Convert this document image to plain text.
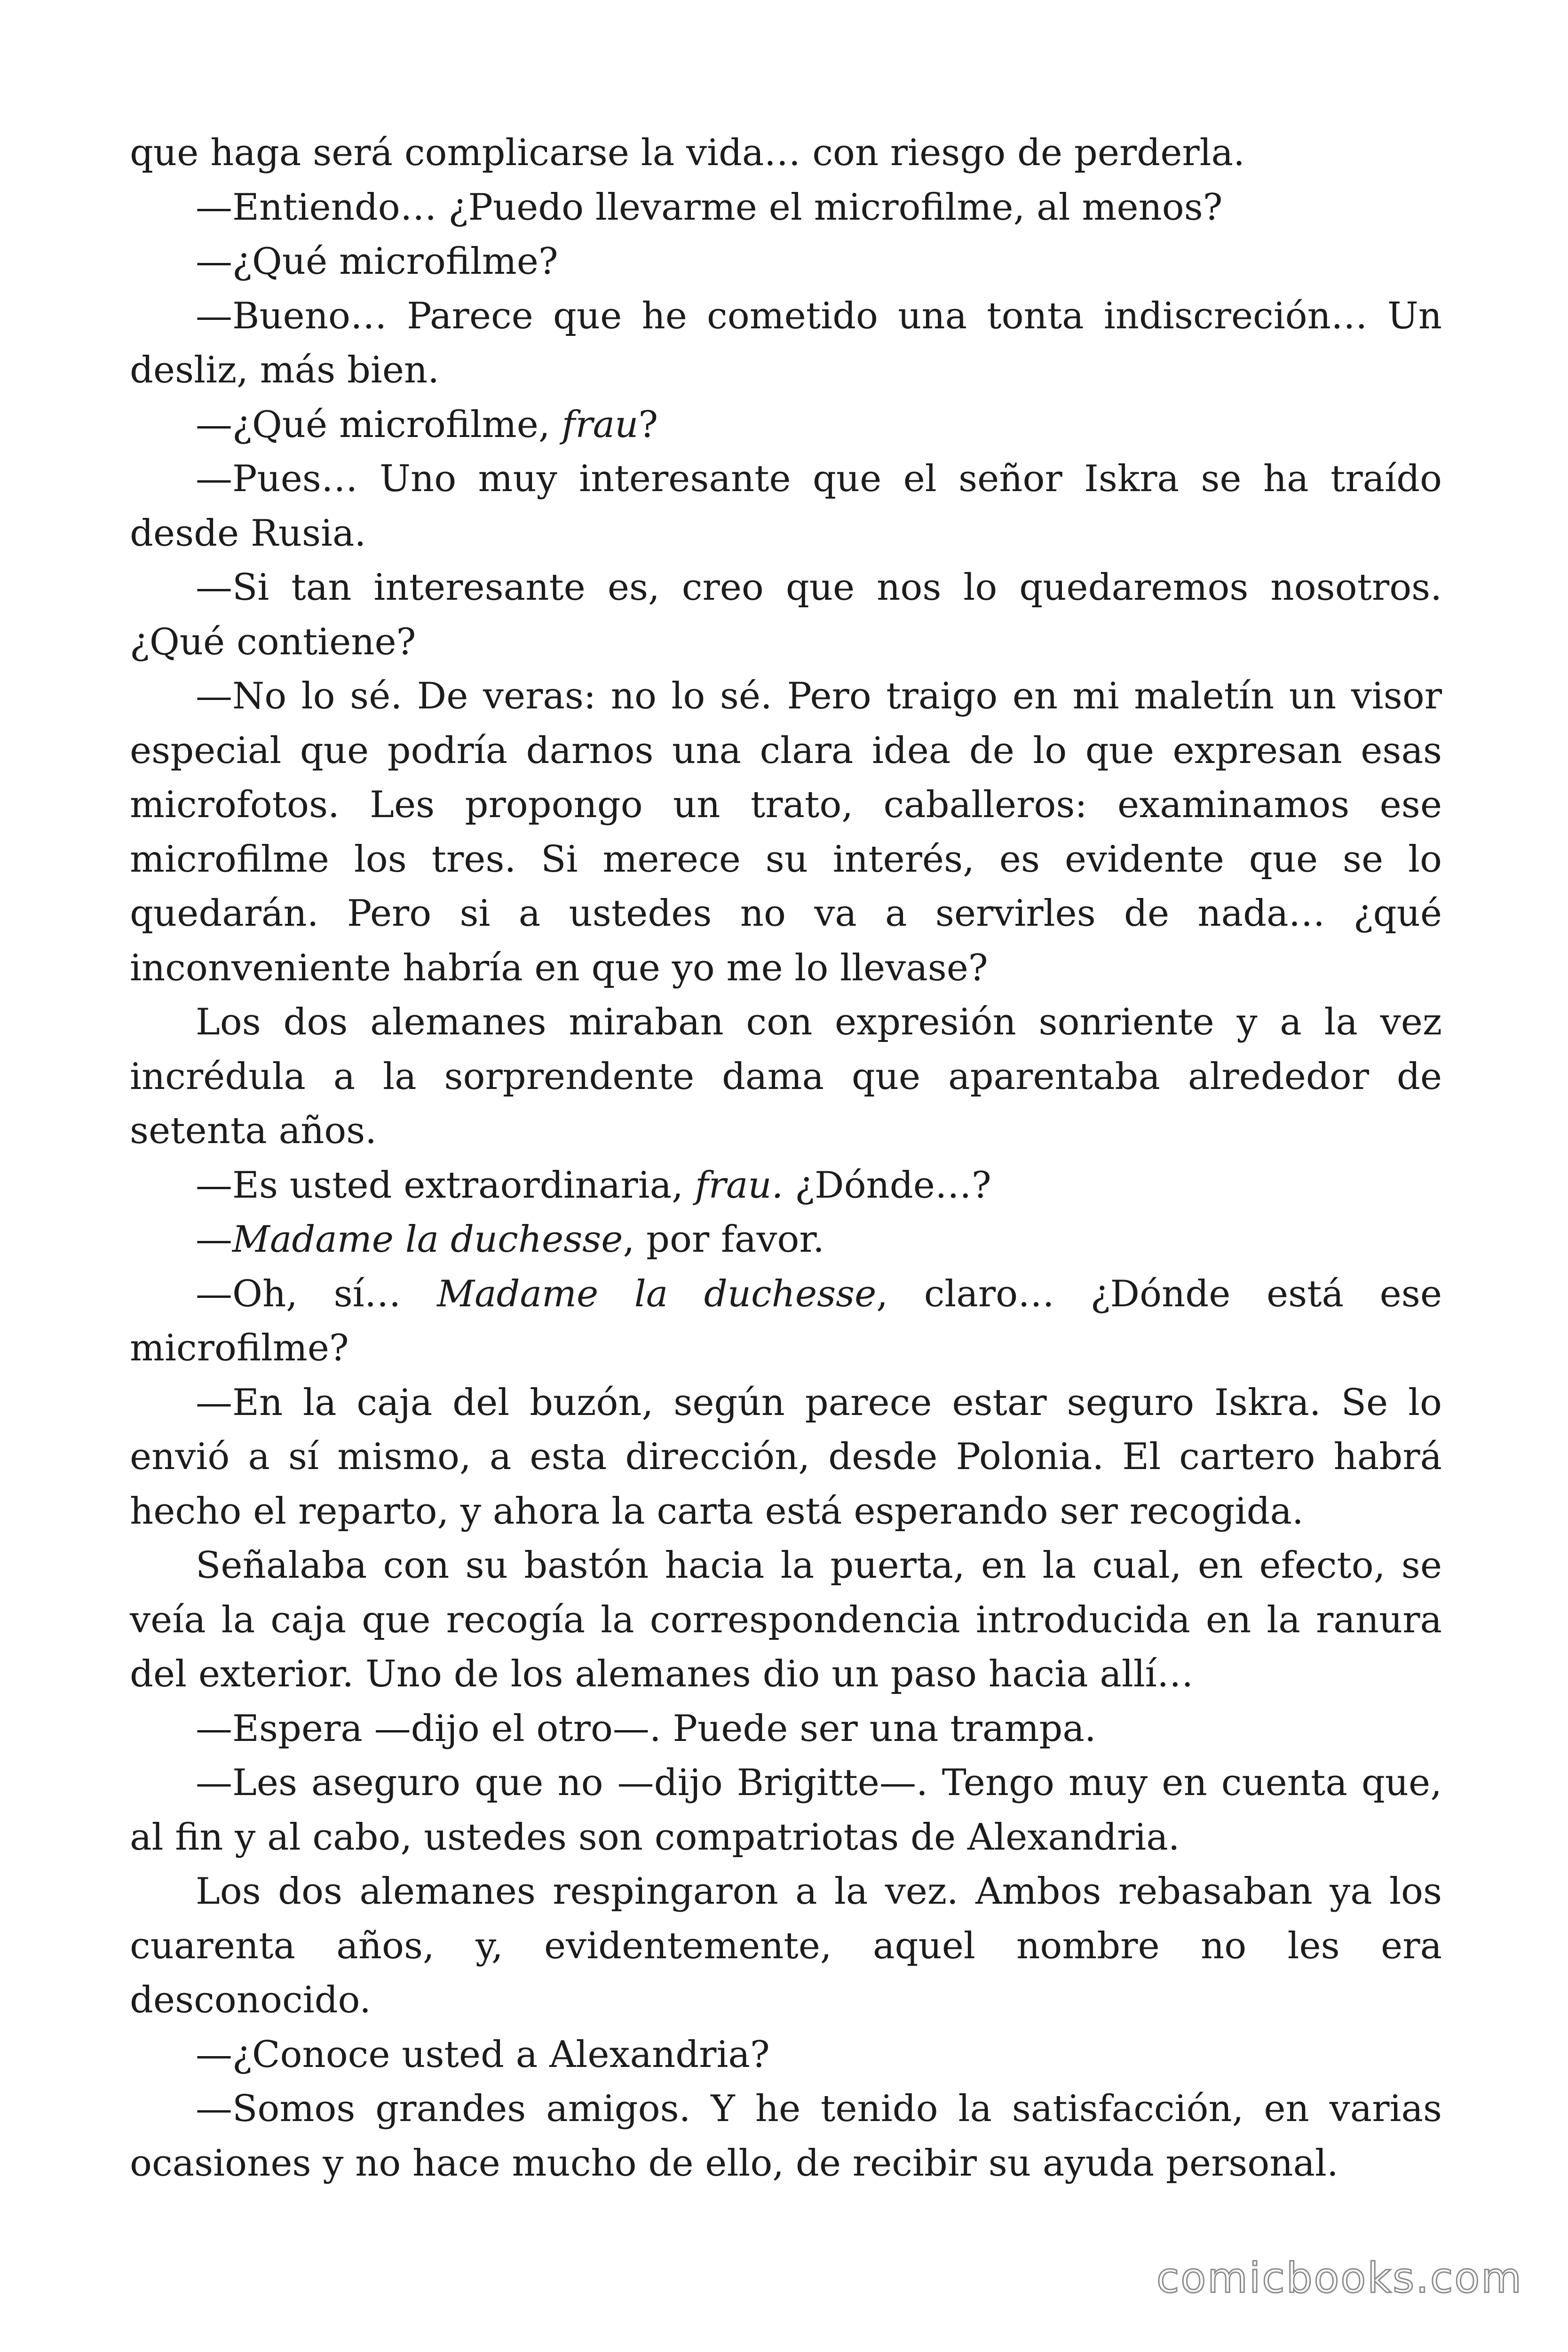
que haga será complicarse la vida… con riesgo de perderla.

—Entiendo… ¿Puedo llevarme el microfilme, al menos?

—¿Qué microfilme?

—Bueno… Parece que he cometido una tonta indiscreción… Un desliz, más bien.

—¿Qué microfilme, frau?

—Pues… Uno muy interesante que el señor Iskra se ha traído desde Rusia.

—Si tan interesante es, creo que nos lo quedaremos nosotros. ¿Qué contiene?

—No lo sé. De veras: no lo sé. Pero traigo en mi maletín un visor especial que podría darnos una clara idea de lo que expresan esas microfotos. Les propongo un trato, caballeros: examinamos ese microfilme los tres. Si merece su interés, es evidente que se lo quedarán. Pero si a ustedes no va a servirles de nada… ¿qué inconveniente habría en que yo me lo llevase?

Los dos alemanes miraban con expresión sonriente y a la vez incrédula a la sorprendente dama que aparentaba alrededor de setenta años.

—Es usted extraordinaria, frau. ¿Dónde…?

—Madame la duchesse, por favor.

—Oh, sí… Madame la duchesse, claro… ¿Dónde está ese microfilme?

—En la caja del buzón, según parece estar seguro Iskra. Se lo envió a sí mismo, a esta dirección, desde Polonia. El cartero habrá hecho el reparto, y ahora la carta está esperando ser recogida.

Señalaba con su bastón hacia la puerta, en la cual, en efecto, se veía la caja que recogía la correspondencia introducida en la ranura del exterior. Uno de los alemanes dio un paso hacia allí…

—Espera —dijo el otro—. Puede ser una trampa.

—Les aseguro que no —dijo Brigitte—. Tengo muy en cuenta que, al fin y al cabo, ustedes son compatriotas de Alexandria.

Los dos alemanes respingaron a la vez. Ambos rebasaban ya los cuarenta años, y, evidentemente, aquel nombre no les era desconocido.

—¿Conoce usted a Alexandria?

—Somos grandes amigos. Y he tenido la satisfacción, en varias ocasiones y no hace mucho de ello, de recibir su ayuda personal.

comicbooks.com
